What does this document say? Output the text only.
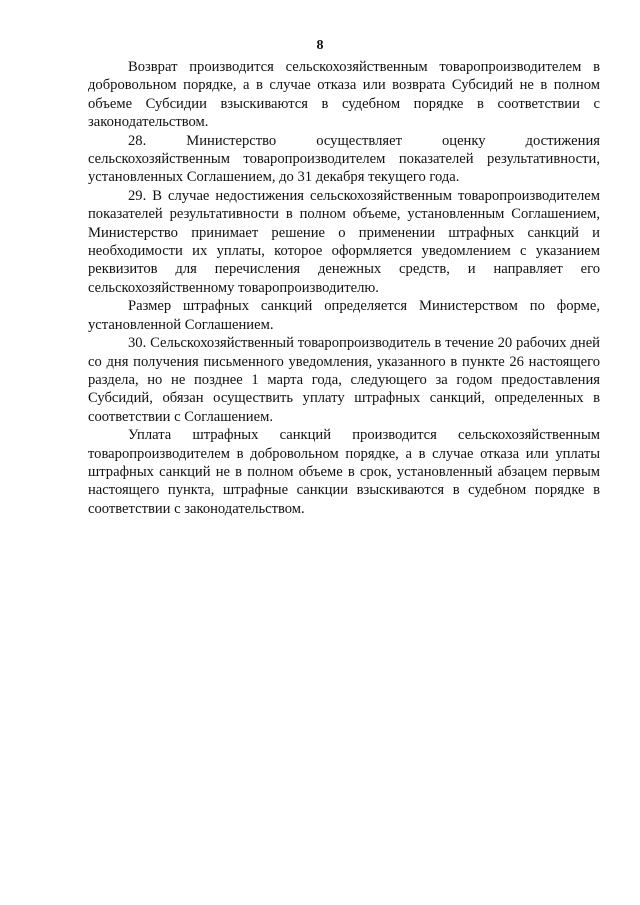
8

Возврат производится сельскохозяйственным товаропроизводителем в добровольном порядке, а в случае отказа или возврата Субсидий не в полном объеме Субсидии взыскиваются в судебном порядке в соответствии с законодательством.

28. Министерство осуществляет оценку достижения сельскохозяйственным товаропроизводителем показателей результативности, установленных Соглашением, до 31 декабря текущего года.

29. В случае недостижения сельскохозяйственным товаропроизводителем показателей результативности в полном объеме, установленным Соглашением, Министерство принимает решение о применении штрафных санкций и необходимости их уплаты, которое оформляется уведомлением с указанием реквизитов для перечисления денежных средств, и направляет его сельскохозяйственному товаропроизводителю.

Размер штрафных санкций определяется Министерством по форме, установленной Соглашением.

30. Сельскохозяйственный товаропроизводитель в течение 20 рабочих дней со дня получения письменного уведомления, указанного в пункте 26 настоящего раздела, но не позднее 1 марта года, следующего за годом предоставления Субсидий, обязан осуществить уплату штрафных санкций, определенных в соответствии с Соглашением.

Уплата штрафных санкций производится сельскохозяйственным товаропроизводителем в добровольном порядке, а в случае отказа или уплаты штрафных санкций не в полном объеме в срок, установленный абзацем первым настоящего пункта, штрафные санкции взыскиваются в судебном порядке в соответствии с законодательством.
